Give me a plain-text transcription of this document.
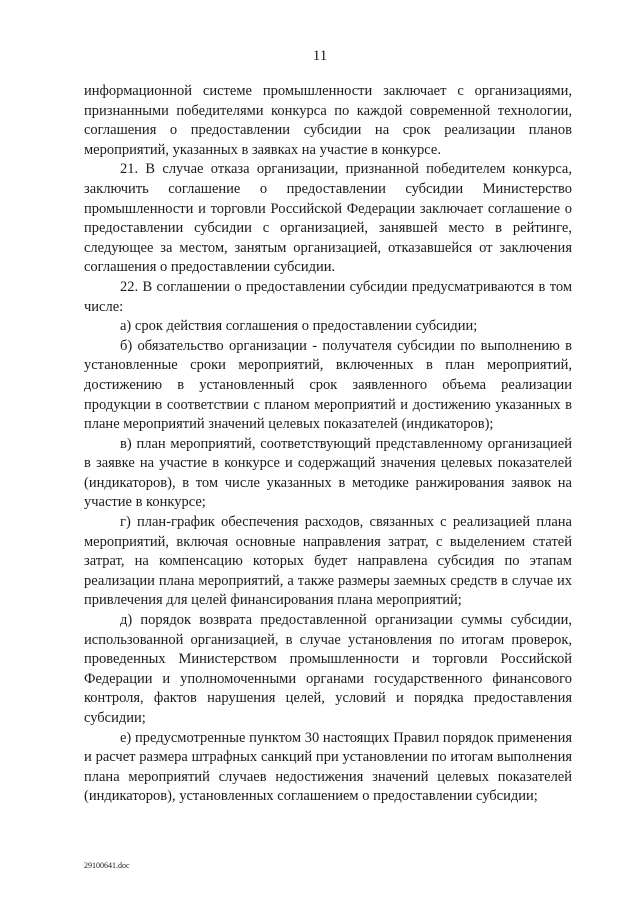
11

информационной системе промышленности заключает с организациями, признанными победителями конкурса по каждой современной технологии, соглашения о предоставлении субсидии на срок реализации планов мероприятий, указанных в заявках на участие в конкурсе.

21. В случае отказа организации, признанной победителем конкурса, заключить соглашение о предоставлении субсидии Министерство промышленности и торговли Российской Федерации заключает соглашение о предоставлении субсидии с организацией, занявшей место в рейтинге, следующее за местом, занятым организацией, отказавшейся от заключения соглашения о предоставлении субсидии.

22. В соглашении о предоставлении субсидии предусматриваются в том числе:

а) срок действия соглашения о предоставлении субсидии;

б) обязательство организации - получателя субсидии по выполнению в установленные сроки мероприятий, включенных в план мероприятий, достижению в установленный срок заявленного объема реализации продукции в соответствии с планом мероприятий и достижению указанных в плане мероприятий значений целевых показателей (индикаторов);

в) план мероприятий, соответствующий представленному организацией в заявке на участие в конкурсе и содержащий значения целевых показателей (индикаторов), в том числе указанных в методике ранжирования заявок на участие в конкурсе;

г) план-график обеспечения расходов, связанных с реализацией плана мероприятий, включая основные направления затрат, с выделением статей затрат, на компенсацию которых будет направлена субсидия по этапам реализации плана мероприятий, а также размеры заемных средств в случае их привлечения для целей финансирования плана мероприятий;

д) порядок возврата предоставленной организации суммы субсидии, использованной организацией, в случае установления по итогам проверок, проведенных Министерством промышленности и торговли Российской Федерации и уполномоченными органами государственного финансового контроля, фактов нарушения целей, условий и порядка предоставления субсидии;

е) предусмотренные пунктом 30 настоящих Правил порядок применения и расчет размера штрафных санкций при установлении по итогам выполнения плана мероприятий случаев недостижения значений целевых показателей (индикаторов), установленных соглашением о предоставлении субсидии;

29100641.doc
